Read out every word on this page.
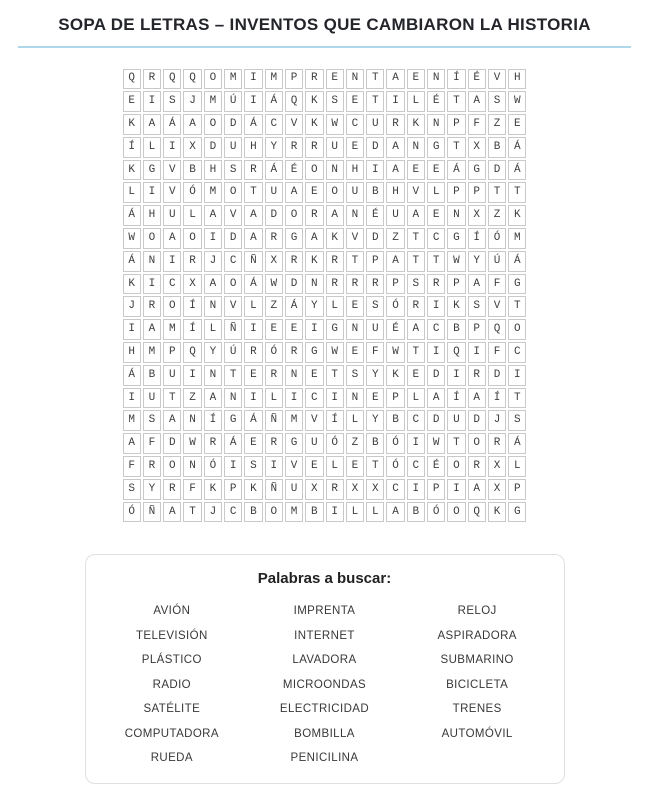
SOPA DE LETRAS – INVENTOS QUE CAMBIARON LA HISTORIA
Q	R	Q	Q	O	M	I	M	P	R	E	N	T	A	E	N	Í	É	V	H
E	I	S	J	M	Ú	I	Á	Q	K	S	E	T	I	L	É	T	A	S	W
K	A	Á	A	O	D	Á	C	V	K	W	C	U	R	K	N	P	F	Z	E
Í	L	I	X	D	U	H	Y	R	R	U	E	D	A	N	G	T	X	B	Á
K	G	V	B	H	S	R	Á	É	O	N	H	I	A	E	E	Á	G	D	Á
L	I	V	Ó	M	O	T	U	A	E	O	U	B	H	V	L	P	P	T	T
Á	H	U	L	A	V	A	D	O	R	A	N	É	U	A	E	N	X	Z	K
W	O	A	O	I	D	A	R	G	A	K	V	D	Z	T	C	G	Í	Ó	M
Á	N	I	R	J	C	Ñ	X	R	K	R	T	P	A	T	T	W	Y	Ú	Á
K	I	C	X	A	O	Á	W	D	N	R	R	R	P	S	R	P	A	F	G
J	R	O	Í	N	V	L	Z	Á	Y	L	E	S	Ó	R	I	K	S	V	T
I	A	M	Í	L	Ñ	I	E	E	I	G	N	U	É	A	C	B	P	Q	O
H	M	P	Q	Y	Ú	R	Ó	R	G	W	E	F	W	T	I	Q	I	F	C
Á	B	U	I	N	T	E	R	N	E	T	S	Y	K	E	D	I	R	D	I
I	U	T	Z	A	N	I	L	I	C	I	N	E	P	L	A	Í	A	Í	T
M	S	A	N	Í	G	Á	Ñ	M	V	Í	L	Y	B	C	D	U	D	J	S
A	F	D	W	R	Á	E	R	G	U	Ó	Z	B	Ó	I	W	T	O	R	Á
F	R	O	N	Ó	I	S	I	V	E	L	E	T	Ó	C	É	O	R	X	L
S	Y	R	F	K	P	K	Ñ	U	X	R	X	X	C	I	P	I	A	X	P
Ó	Ñ	A	T	J	C	B	O	M	B	I	L	L	A	B	Ó	O	Q	K	G
Palabras a buscar:
AVIÓN
TELEVISIÓN
PLÁSTICO
RADIO
SATÉLITE
COMPUTADORA
RUEDA
IMPRENTA
INTERNET
LAVADORA
MICROONDAS
ELECTRICIDAD
BOMBILLA
PENICILINA
RELOJ
ASPIRADORA
SUBMARINO
BICICLETA
TRENES
AUTOMÓVIL
